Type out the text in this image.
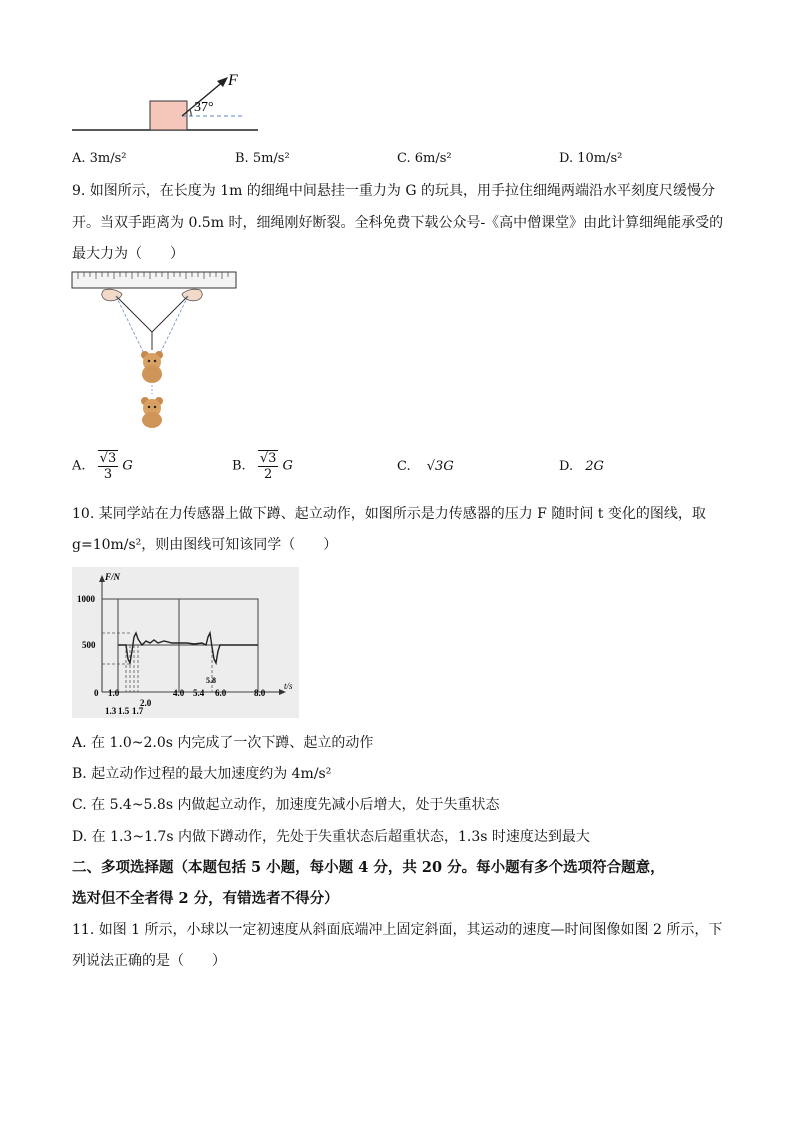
F
37°
A. 3m/s²	B. 5m/s²	C. 6m/s²	D. 10m/s²
9. 如图所示，在长度为 1m 的细绳中间悬挂一重力为 G 的玩具，用手拉住细绳两端沿水平刻度尺缓慢分
开。当双手距离为 0.5m 时，细绳刚好断裂。全科免费下载公众号-《高中僧课堂》由此计算细绳能承受的
最大力为（　　）
A. $\frac{√3}{3}$ G	B. $\frac{√3}{2}$ G	C. √3G	D. 2G
10. 某同学站在力传感器上做下蹲、起立动作，如图所示是力传感器的压力 F 随时间 t 变化的图线，取
g=10m/s²，则由图线可知该同学（　　）
F/N
t/s
1000
500
0 1.0	4.0 5.4 6.0	8.0
5.8
1.3 1.5 1.7
2.0
A. 在 1.0~2.0s 内完成了一次下蹲、起立的动作
B. 起立动作过程的最大加速度约为 4m/s²
C. 在 5.4~5.8s 内做起立动作，加速度先减小后增大，处于失重状态
D. 在 1.3~1.7s 内做下蹲动作，先处于失重状态后超重状态，1.3s 时速度达到最大
二、多项选择题（本题包括 5 小题，每小题 4 分，共 20 分。每小题有多个选项符合题意，
选对但不全者得 2 分，有错选者不得分）
11. 如图 1 所示，小球以一定初速度从斜面底端冲上固定斜面，其运动的速度—时间图像如图 2 所示，下
列说法正确的是（　　）
